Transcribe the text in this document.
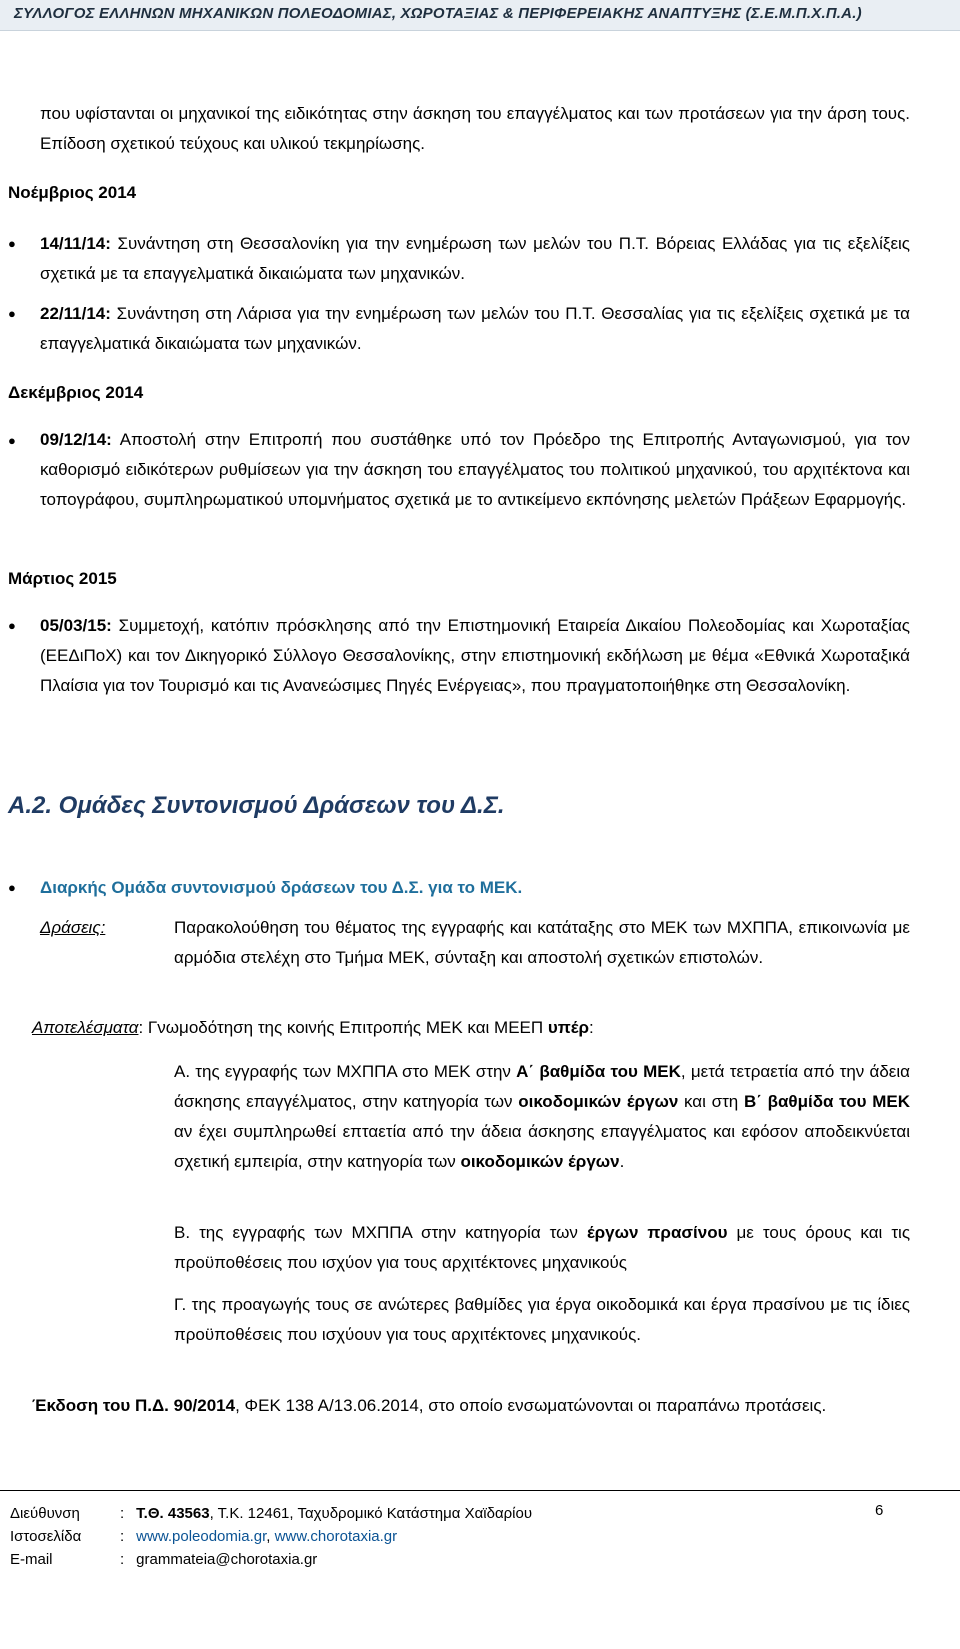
ΣΥΛΛΟΓΟΣ ΕΛΛΗΝΩΝ ΜΗΧΑΝΙΚΩΝ ΠΟΛΕΟΔΟΜΙΑΣ, ΧΩΡΟΤΑΞΙΑΣ & ΠΕΡΙΦΕΡΕΙΑΚΗΣ ΑΝΑΠΤΥΞΗΣ (Σ.Ε.Μ.Π.Χ.Π.Α.)
που υφίστανται οι μηχανικοί της ειδικότητας στην άσκηση του επαγγέλματος και των προτάσεων για την άρση τους. Επίδοση σχετικού τεύχους και υλικού τεκμηρίωσης.
Νοέμβριος 2014
● 14/11/14: Συνάντηση στη Θεσσαλονίκη για την ενημέρωση των μελών του Π.Τ. Βόρειας Ελλάδας για τις εξελίξεις σχετικά με τα επαγγελματικά δικαιώματα των μηχανικών.
● 22/11/14: Συνάντηση στη Λάρισα για την ενημέρωση των μελών του Π.Τ. Θεσσαλίας για τις εξελίξεις σχετικά με τα επαγγελματικά δικαιώματα των μηχανικών.
Δεκέμβριος 2014
● 09/12/14: Αποστολή στην Επιτροπή που συστάθηκε υπό τον Πρόεδρο της Επιτροπής Ανταγωνισμού, για τον καθορισμό ειδικότερων ρυθμίσεων για την άσκηση του επαγγέλματος του πολιτικού μηχανικού, του αρχιτέκτονα και τοπογράφου, συμπληρωματικού υπομνήματος σχετικά με το αντικείμενο εκπόνησης μελετών Πράξεων Εφαρμογής.
Μάρτιος 2015
● 05/03/15: Συμμετοχή, κατόπιν πρόσκλησης από την Επιστημονική Εταιρεία Δικαίου Πολεοδομίας και Χωροταξίας (ΕΕΔιΠοΧ) και τον Δικηγορικό Σύλλογο Θεσσαλονίκης, στην επιστημονική εκδήλωση με θέμα «Εθνικά Χωροταξικά Πλαίσια για τον Τουρισμό και τις Ανανεώσιμες Πηγές Ενέργειας», που πραγματοποιήθηκε στη Θεσσαλονίκη.
Α.2. Ομάδες Συντονισμού Δράσεων του Δ.Σ.
● Διαρκής Ομάδα συντονισμού δράσεων του Δ.Σ. για το ΜΕΚ.
Δράσεις:	Παρακολούθηση του θέματος της εγγραφής και κατάταξης στο ΜΕΚ των ΜΧΠΠΑ, επικοινωνία με αρμόδια στελέχη στο Τμήμα ΜΕΚ, σύνταξη και αποστολή σχετικών επιστολών.
Αποτελέσματα: Γνωμοδότηση της κοινής Επιτροπής ΜΕΚ και ΜΕΕΠ υπέρ:
Α. της εγγραφής των ΜΧΠΠΑ στο ΜΕΚ στην Α΄ βαθμίδα του ΜΕΚ, μετά τετραετία από την άδεια άσκησης επαγγέλματος, στην κατηγορία των οικοδομικών έργων και στη Β΄ βαθμίδα του ΜΕΚ αν έχει συμπληρωθεί επταετία από την άδεια άσκησης επαγγέλματος και εφόσον αποδεικνύεται σχετική εμπειρία, στην κατηγορία των οικοδομικών έργων.
Β. της εγγραφής των ΜΧΠΠΑ στην κατηγορία των έργων πρασίνου με τους όρους και τις προϋποθέσεις που ισχύον για τους αρχιτέκτονες μηχανικούς
Γ. της προαγωγής τους σε ανώτερες βαθμίδες για έργα οικοδομικά και έργα πρασίνου με τις ίδιες προϋποθέσεις που ισχύουν για τους αρχιτέκτονες μηχανικούς.
Έκδοση του Π.Δ. 90/2014, ΦΕΚ 138 Α/13.06.2014, στο οποίο ενσωματώνονται οι παραπάνω προτάσεις.
Διεύθυνση	: Τ.Θ. 43563, Τ.Κ. 12461, Ταχυδρομικό Κατάστημα Χαϊδαρίου
Ιστοσελίδα	: www.poleodomia.gr, www.chorotaxia.gr
E-mail	: grammateia@chorotaxia.gr
6
